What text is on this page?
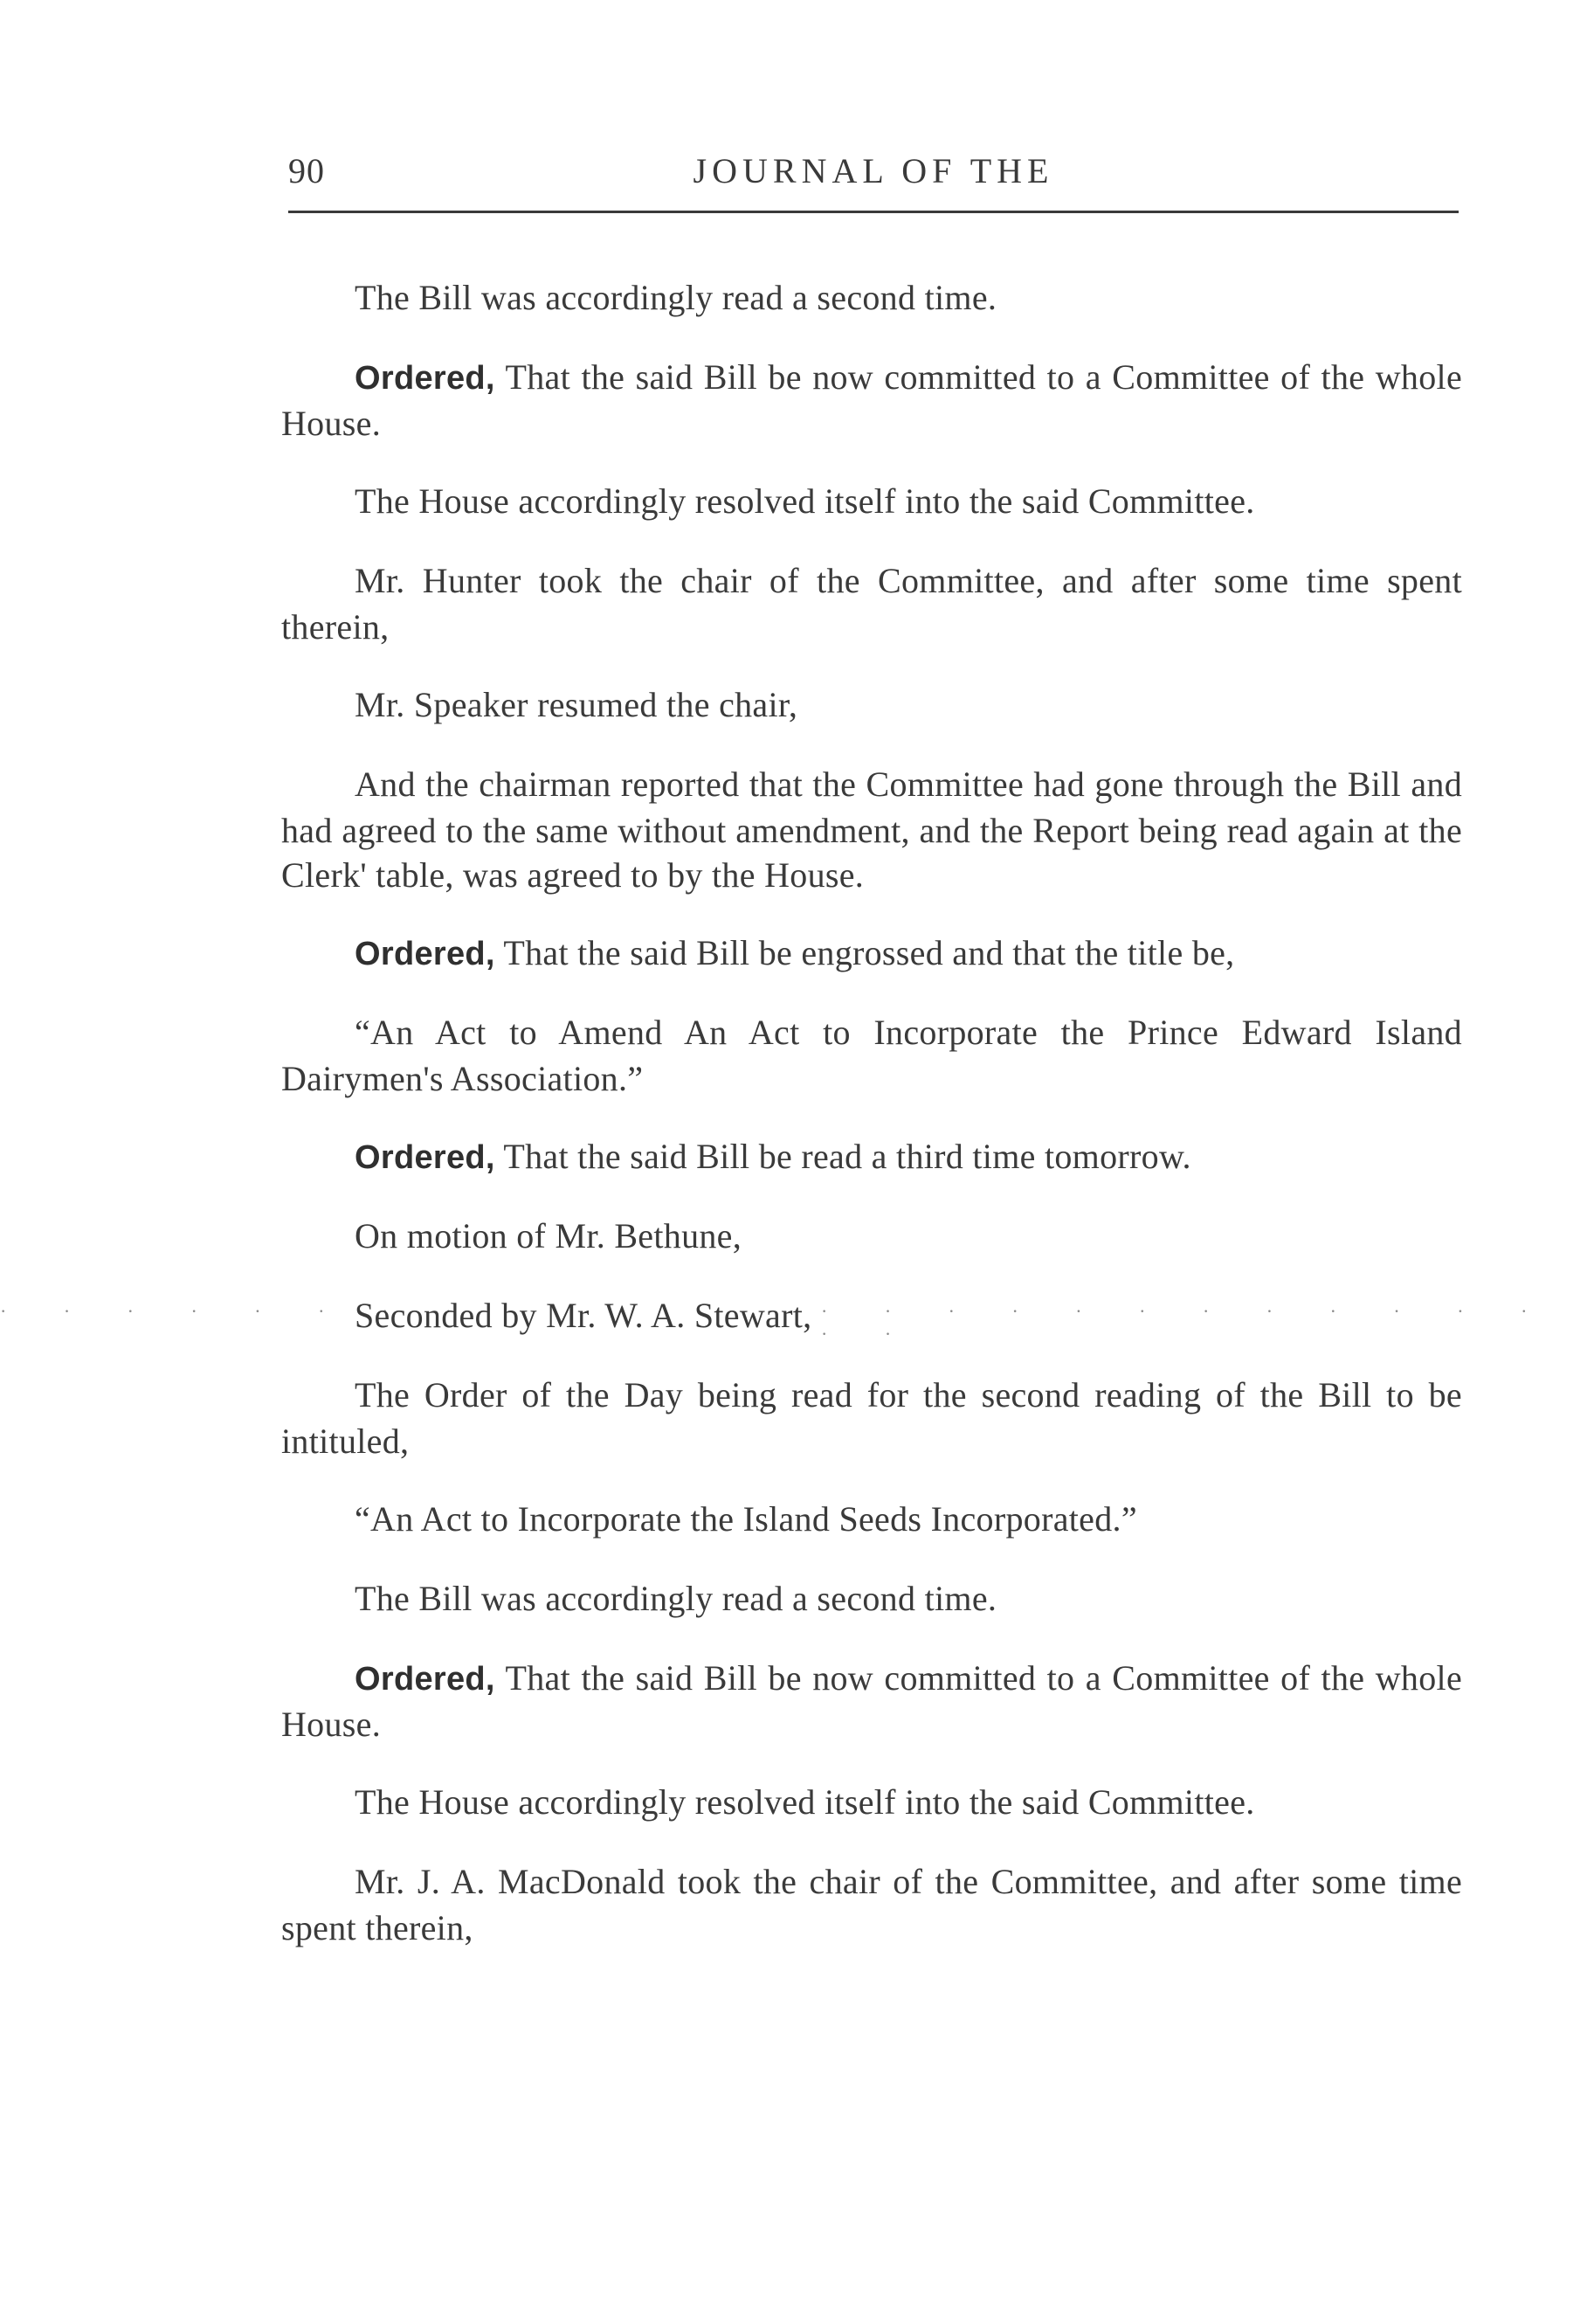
90	JOURNAL OF THE
· · · · · · · ·	· · · · · · · · · · · · · ·

The Bill was accordingly read a second time.

Ordered, That the said Bill be now committed to a Committee of the whole House.

The House accordingly resolved itself into the said Committee.

Mr. Hunter took the chair of the Committee, and after some time spent therein,

Mr. Speaker resumed the chair,

And the chairman reported that the Committee had gone through the Bill and had agreed to the same without amendment, and the Report being read again at the Clerk' table, was agreed to by the House.

Ordered, That the said Bill be engrossed and that the title be,

“An Act to Amend An Act to Incorporate the Prince Edward Island Dairymen's Association.”

Ordered, That the said Bill be read a third time tomorrow.

On motion of Mr. Bethune,

Seconded by Mr. W. A. Stewart,

The Order of the Day being read for the second reading of the Bill to be intituled,

“An Act to Incorporate the Island Seeds Incorporated.”

The Bill was accordingly read a second time.

Ordered, That the said Bill be now committed to a Committee of the whole House.

The House accordingly resolved itself into the said Committee.

Mr. J. A. MacDonald took the chair of the Committee, and after some time spent therein,
